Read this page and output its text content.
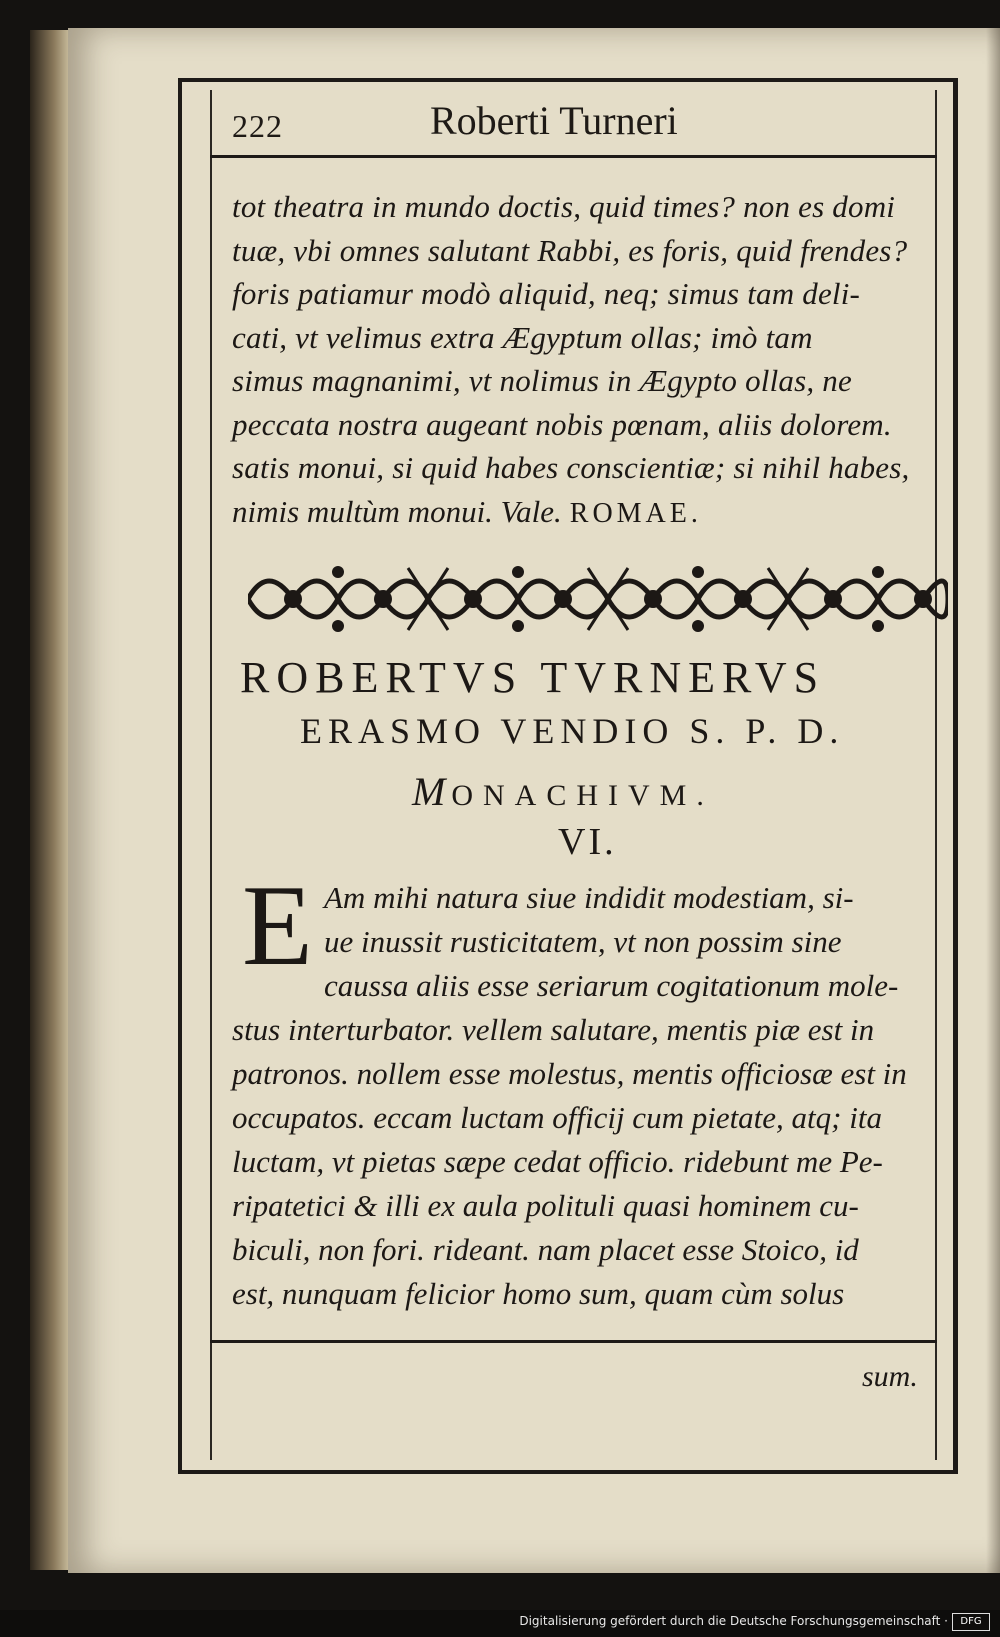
222	Roberti Turneri
tot theatra in mundo doctis, quid times? non es domi
tuæ, vbi omnes salutant Rabbi, es foris, quid frendes?
foris patiamur modò aliquid, neq; simus tam deli-
cati, vt velimus extra Ægyptum ollas; imò tam
simus magnanimi, vt nolimus in Ægypto ollas, ne
peccata nostra augeant nobis pœnam, aliis dolorem.
satis monui, si quid habes conscientiæ; si nihil habes,
nimis multùm monui. Vale. ROMAE.
ROBERTVS TVRNERVS
ERASMO VENDIO S. P. D.
MONACHIVM.
VI.
E Am mihi natura siue indidit modestiam, si-
ue inussit rusticitatem, vt non possim sine
caussa aliis esse seriarum cogitationum mole-
stus interturbator. vellem salutare, mentis piæ est in
patronos. nollem esse molestus, mentis officiosæ est in
occupatos. eccam luctam officij cum pietate, atq; ita
luctam, vt pietas sæpe cedat officio. ridebunt me Pe-
ripatetici & illi ex aula polituli quasi hominem cu-
biculi, non fori. rideant. nam placet esse Stoico, id
est, nunquam felicior homo sum, quam cùm solus
sum.
Digitalisierung gefördert durch die Deutsche Forschungsgemeinschaft ·	DFG
